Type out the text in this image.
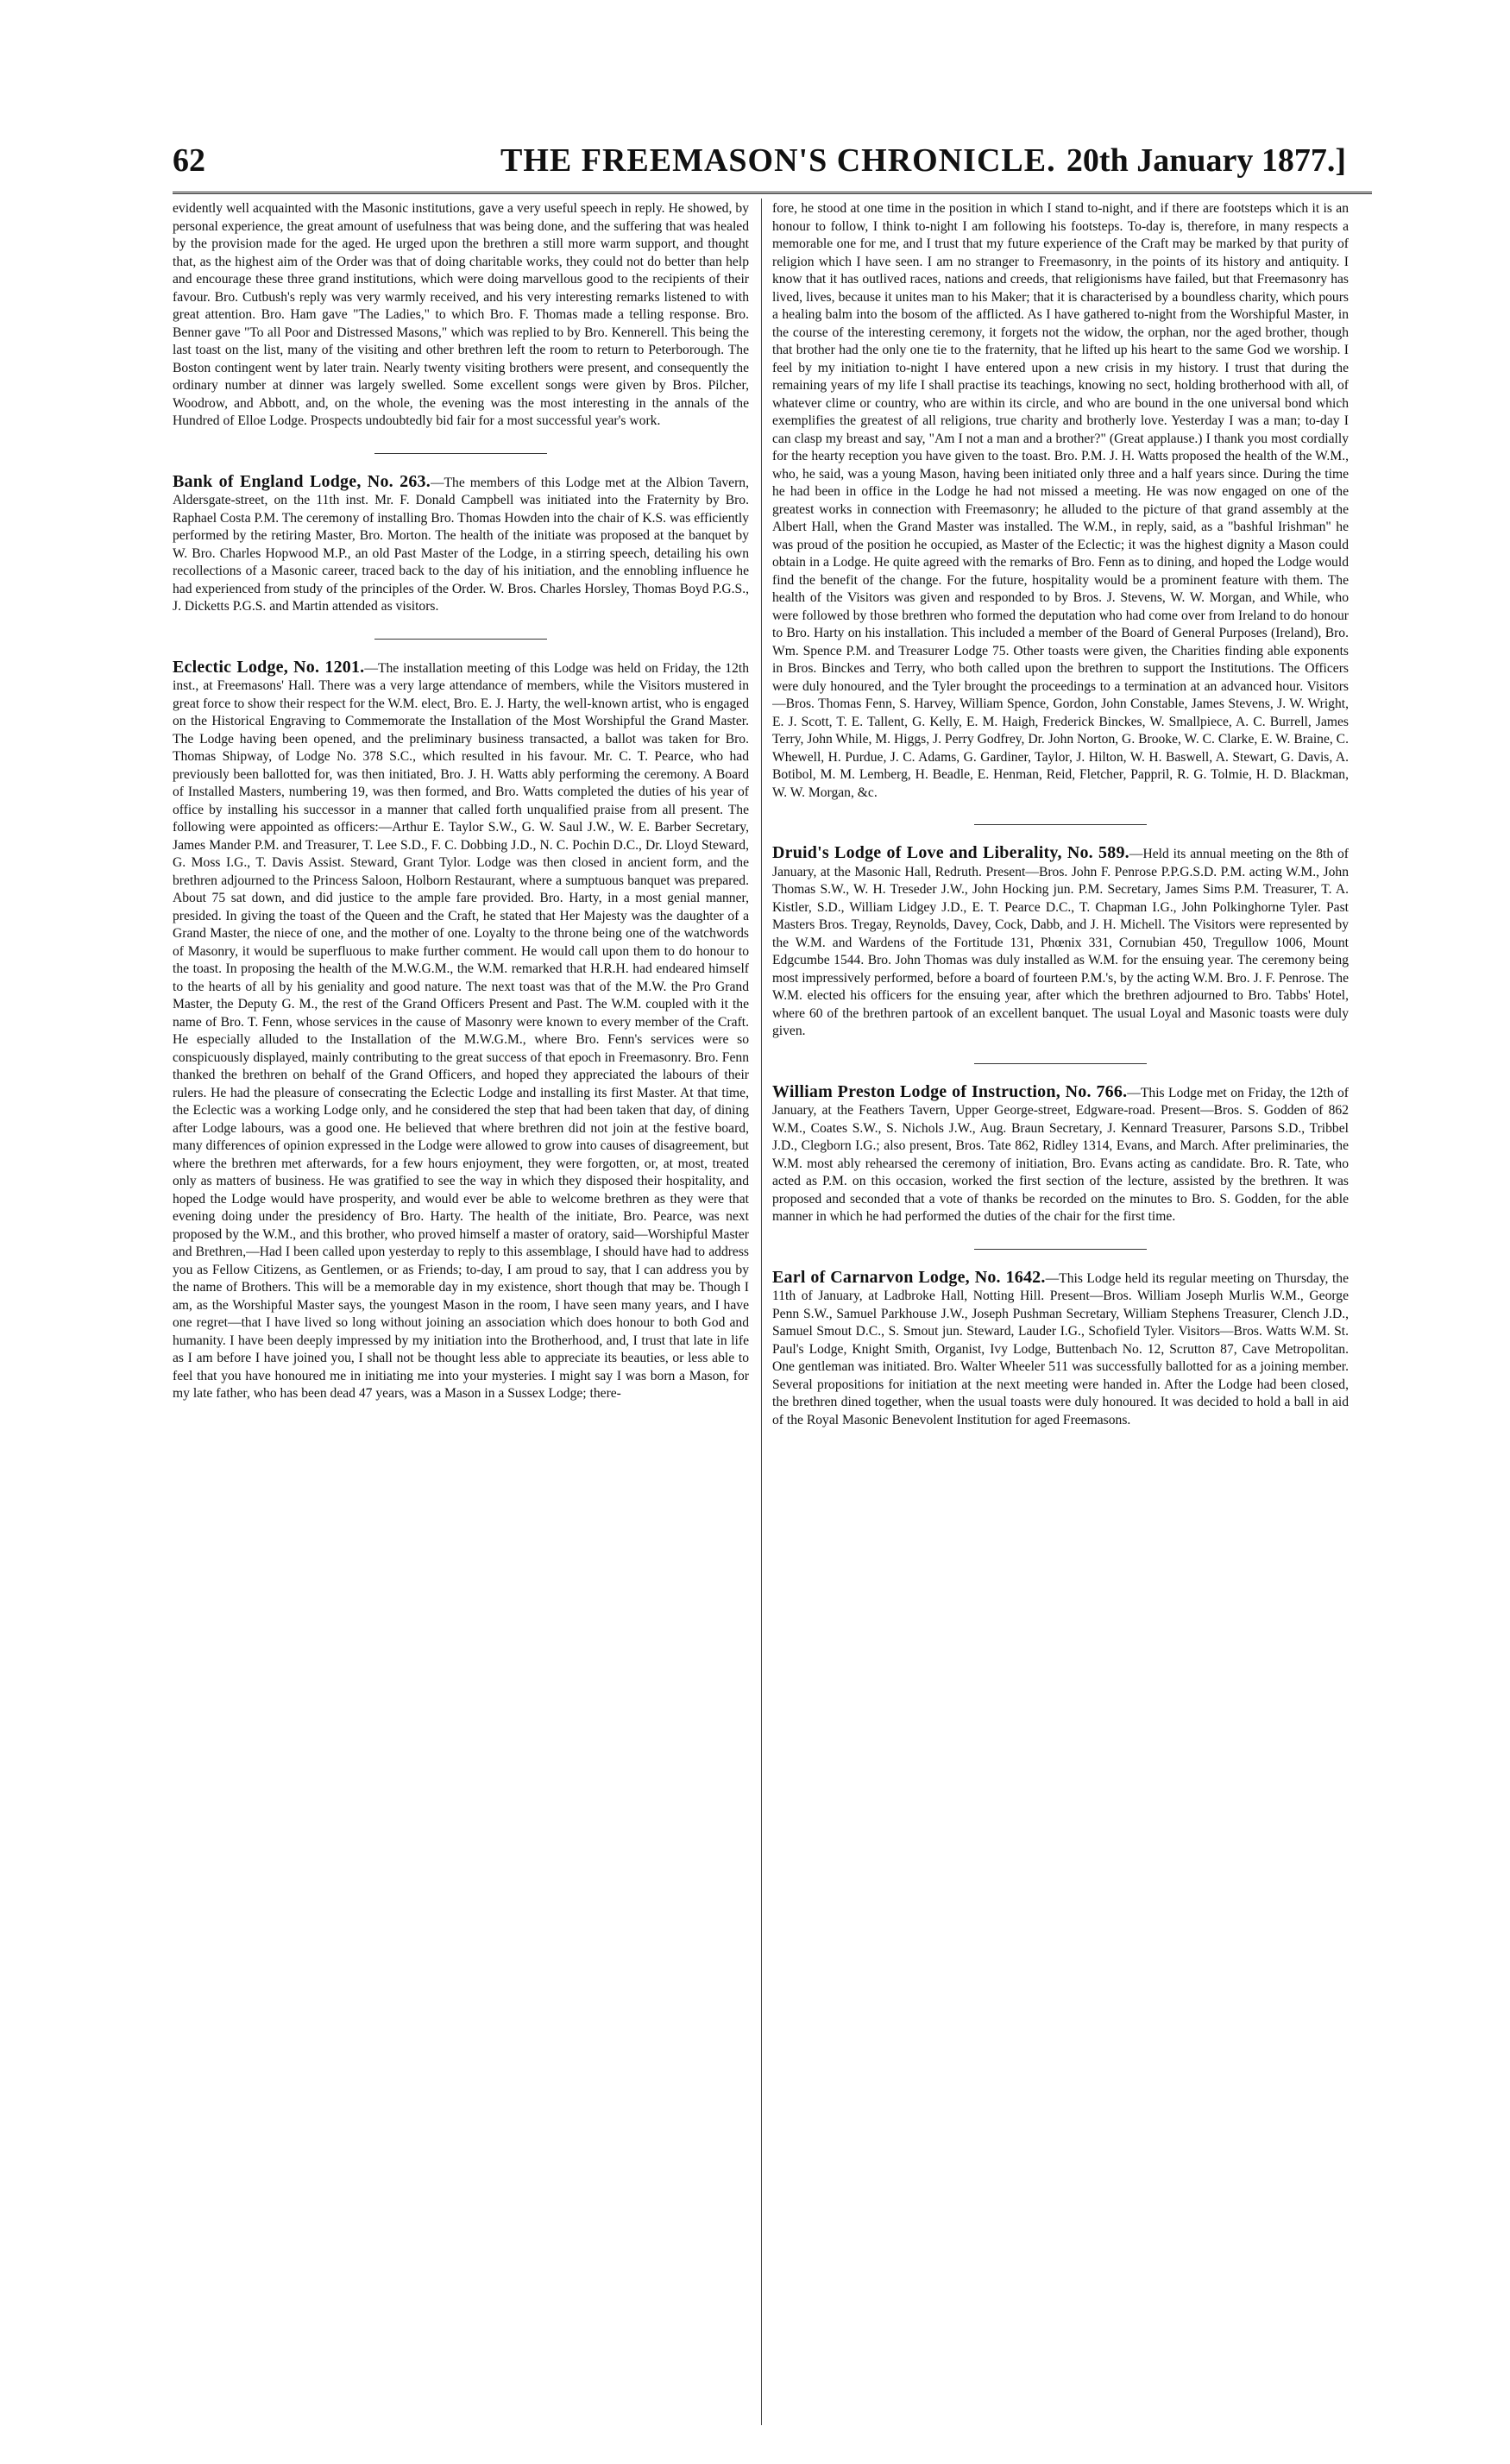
62	THE FREEMASON'S CHRONICLE. 20th January 1877.]

evidently well acquainted with the Masonic institutions, gave a very useful speech in reply. He showed, by personal experience, the great amount of usefulness that was being done, and the suffering that was healed by the provision made for the aged. He urged upon the brethren a still more warm support, and thought that, as the highest aim of the Order was that of doing charitable works, they could not do better than help and encourage these three grand institutions, which were doing marvellous good to the recipients of their favour. Bro. Cutbush's reply was very warmly received, and his very interesting remarks listened to with great attention. Bro. Ham gave "The Ladies," to which Bro. F. Thomas made a telling response. Bro. Benner gave "To all Poor and Distressed Masons," which was replied to by Bro. Kennerell. This being the last toast on the list, many of the visiting and other brethren left the room to return to Peterborough. The Boston contingent went by later train. Nearly twenty visiting brothers were present, and consequently the ordinary number at dinner was largely swelled. Some excellent songs were given by Bros. Pilcher, Woodrow, and Abbott, and, on the whole, the evening was the most interesting in the annals of the Hundred of Elloe Lodge. Prospects undoubtedly bid fair for a most successful year's work.

Bank of England Lodge, No. 263.—The members of this Lodge met at the Albion Tavern, Aldersgate-street, on the 11th inst. Mr. F. Donald Campbell was initiated into the Fraternity by Bro. Raphael Costa P.M. The ceremony of installing Bro. Thomas Howden into the chair of K.S. was efficiently performed by the retiring Master, Bro. Morton. The health of the initiate was proposed at the banquet by W. Bro. Charles Hopwood M.P., an old Past Master of the Lodge, in a stirring speech, detailing his own recollections of a Masonic career, traced back to the day of his initiation, and the ennobling influence he had experienced from study of the principles of the Order. W. Bros. Charles Horsley, Thomas Boyd P.G.S., J. Dicketts P.G.S. and Martin attended as visitors.

Eclectic Lodge, No. 1201.—The installation meeting of this Lodge was held on Friday, the 12th inst., at Freemasons' Hall. There was a very large attendance of members, while the Visitors mustered in great force to show their respect for the W.M. elect, Bro. E. J. Harty, the well-known artist, who is engaged on the Historical Engraving to Commemorate the Installation of the Most Worshipful the Grand Master. The Lodge having been opened, and the preliminary business transacted, a ballot was taken for Bro. Thomas Shipway, of Lodge No. 378 S.C., which resulted in his favour. Mr. C. T. Pearce, who had previously been ballotted for, was then initiated, Bro. J. H. Watts ably performing the ceremony. A Board of Installed Masters, numbering 19, was then formed, and Bro. Watts completed the duties of his year of office by installing his successor in a manner that called forth unqualified praise from all present. The following were appointed as officers:—Arthur E. Taylor S.W., G. W. Saul J.W., W. E. Barber Secretary, James Mander P.M. and Treasurer, T. Lee S.D., F. C. Dobbing J.D., N. C. Pochin D.C., Dr. Lloyd Steward, G. Moss I.G., T. Davis Assist. Steward, Grant Tylor. Lodge was then closed in ancient form, and the brethren adjourned to the Princess Saloon, Holborn Restaurant, where a sumptuous banquet was prepared. About 75 sat down, and did justice to the ample fare provided. Bro. Harty, in a most genial manner, presided. In giving the toast of the Queen and the Craft, he stated that Her Majesty was the daughter of a Grand Master, the niece of one, and the mother of one. Loyalty to the throne being one of the watchwords of Masonry, it would be superfluous to make further comment. He would call upon them to do honour to the toast. In proposing the health of the M.W.G.M., the W.M. remarked that H.R.H. had endeared himself to the hearts of all by his geniality and good nature. The next toast was that of the M.W. the Pro Grand Master, the Deputy G. M., the rest of the Grand Officers Present and Past. The W.M. coupled with it the name of Bro. T. Fenn, whose services in the cause of Masonry were known to every member of the Craft. He especially alluded to the Installation of the M.W.G.M., where Bro. Fenn's services were so conspicuously displayed, mainly contributing to the great success of that epoch in Freemasonry. Bro. Fenn thanked the brethren on behalf of the Grand Officers, and hoped they appreciated the labours of their rulers. He had the pleasure of consecrating the Eclectic Lodge and installing its first Master. At that time, the Eclectic was a working Lodge only, and he considered the step that had been taken that day, of dining after Lodge labours, was a good one. He believed that where brethren did not join at the festive board, many differences of opinion expressed in the Lodge were allowed to grow into causes of disagreement, but where the brethren met afterwards, for a few hours enjoyment, they were forgotten, or, at most, treated only as matters of business. He was gratified to see the way in which they disposed their hospitality, and hoped the Lodge would have prosperity, and would ever be able to welcome brethren as they were that evening doing under the presidency of Bro. Harty. The health of the initiate, Bro. Pearce, was next proposed by the W.M., and this brother, who proved himself a master of oratory, said—Worshipful Master and Brethren,—Had I been called upon yesterday to reply to this assemblage, I should have had to address you as Fellow Citizens, as Gentlemen, or as Friends; to-day, I am proud to say, that I can address you by the name of Brothers. This will be a memorable day in my existence, short though that may be. Though I am, as the Worshipful Master says, the youngest Mason in the room, I have seen many years, and I have one regret—that I have lived so long without joining an association which does honour to both God and humanity. I have been deeply impressed by my initiation into the Brotherhood, and, I trust that late in life as I am before I have joined you, I shall not be thought less able to appreciate its beauties, or less able to feel that you have honoured me in initiating me into your mysteries. I might say I was born a Mason, for my late father, who has been dead 47 years, was a Mason in a Sussex Lodge; there-

fore, he stood at one time in the position in which I stand to-night, and if there are footsteps which it is an honour to follow, I think to-night I am following his footsteps. To-day is, therefore, in many respects a memorable one for me, and I trust that my future experience of the Craft may be marked by that purity of religion which I have seen. I am no stranger to Freemasonry, in the points of its history and antiquity. I know that it has outlived races, nations and creeds, that religionisms have failed, but that Freemasonry has lived, lives, because it unites man to his Maker; that it is characterised by a boundless charity, which pours a healing balm into the bosom of the afflicted. As I have gathered to-night from the Worshipful Master, in the course of the interesting ceremony, it forgets not the widow, the orphan, nor the aged brother, though that brother had the only one tie to the fraternity, that he lifted up his heart to the same God we worship. I feel by my initiation to-night I have entered upon a new crisis in my history. I trust that during the remaining years of my life I shall practise its teachings, knowing no sect, holding brotherhood with all, of whatever clime or country, who are within its circle, and who are bound in the one universal bond which exemplifies the greatest of all religions, true charity and brotherly love. Yesterday I was a man; to-day I can clasp my breast and say, "Am I not a man and a brother?" (Great applause.) I thank you most cordially for the hearty reception you have given to the toast. Bro. P.M. J. H. Watts proposed the health of the W.M., who, he said, was a young Mason, having been initiated only three and a half years since. During the time he had been in office in the Lodge he had not missed a meeting. He was now engaged on one of the greatest works in connection with Freemasonry; he alluded to the picture of that grand assembly at the Albert Hall, when the Grand Master was installed. The W.M., in reply, said, as a "bashful Irishman" he was proud of the position he occupied, as Master of the Eclectic; it was the highest dignity a Mason could obtain in a Lodge. He quite agreed with the remarks of Bro. Fenn as to dining, and hoped the Lodge would find the benefit of the change. For the future, hospitality would be a prominent feature with them. The health of the Visitors was given and responded to by Bros. J. Stevens, W. W. Morgan, and While, who were followed by those brethren who formed the deputation who had come over from Ireland to do honour to Bro. Harty on his installation. This included a member of the Board of General Purposes (Ireland), Bro. Wm. Spence P.M. and Treasurer Lodge 75. Other toasts were given, the Charities finding able exponents in Bros. Binckes and Terry, who both called upon the brethren to support the Institutions. The Officers were duly honoured, and the Tyler brought the proceedings to a termination at an advanced hour. Visitors—Bros. Thomas Fenn, S. Harvey, William Spence, Gordon, John Constable, James Stevens, J. W. Wright, E. J. Scott, T. E. Tallent, G. Kelly, E. M. Haigh, Frederick Binckes, W. Smallpiece, A. C. Burrell, James Terry, John While, M. Higgs, J. Perry Godfrey, Dr. John Norton, G. Brooke, W. C. Clarke, E. W. Braine, C. Whewell, H. Purdue, J. C. Adams, G. Gardiner, Taylor, J. Hilton, W. H. Baswell, A. Stewart, G. Davis, A. Botibol, M. M. Lemberg, H. Beadle, E. Henman, Reid, Fletcher, Pappril, R. G. Tolmie, H. D. Blackman, W. W. Morgan, &c.

Druid's Lodge of Love and Liberality, No. 589.—Held its annual meeting on the 8th of January, at the Masonic Hall, Redruth. Present—Bros. John F. Penrose P.P.G.S.D. P.M. acting W.M., John Thomas S.W., W. H. Treseder J.W., John Hocking jun. P.M. Secretary, James Sims P.M. Treasurer, T. A. Kistler, S.D., William Lidgey J.D., E. T. Pearce D.C., T. Chapman I.G., John Polkinghorne Tyler. Past Masters Bros. Tregay, Reynolds, Davey, Cock, Dabb, and J. H. Michell. The Visitors were represented by the W.M. and Wardens of the Fortitude 131, Phœnix 331, Cornubian 450, Tregullow 1006, Mount Edgcumbe 1544. Bro. John Thomas was duly installed as W.M. for the ensuing year. The ceremony being most impressively performed, before a board of fourteen P.M.'s, by the acting W.M. Bro. J. F. Penrose. The W.M. elected his officers for the ensuing year, after which the brethren adjourned to Bro. Tabbs' Hotel, where 60 of the brethren partook of an excellent banquet. The usual Loyal and Masonic toasts were duly given.

William Preston Lodge of Instruction, No. 766.—This Lodge met on Friday, the 12th of January, at the Feathers Tavern, Upper George-street, Edgware-road. Present—Bros. S. Godden of 862 W.M., Coates S.W., S. Nichols J.W., Aug. Braun Secretary, J. Kennard Treasurer, Parsons S.D., Tribbel J.D., Clegborn I.G.; also present, Bros. Tate 862, Ridley 1314, Evans, and March. After preliminaries, the W.M. most ably rehearsed the ceremony of initiation, Bro. Evans acting as candidate. Bro. R. Tate, who acted as P.M. on this occasion, worked the first section of the lecture, assisted by the brethren. It was proposed and seconded that a vote of thanks be recorded on the minutes to Bro. S. Godden, for the able manner in which he had performed the duties of the chair for the first time.

Earl of Carnarvon Lodge, No. 1642.—This Lodge held its regular meeting on Thursday, the 11th of January, at Ladbroke Hall, Notting Hill. Present—Bros. William Joseph Murlis W.M., George Penn S.W., Samuel Parkhouse J.W., Joseph Pushman Secretary, William Stephens Treasurer, Clench J.D., Samuel Smout D.C., S. Smout jun. Steward, Lauder I.G., Schofield Tyler. Visitors—Bros. Watts W.M. St. Paul's Lodge, Knight Smith, Organist, Ivy Lodge, Buttenbach No. 12, Scrutton 87, Cave Metropolitan. One gentleman was initiated. Bro. Walter Wheeler 511 was successfully ballotted for as a joining member. Several propositions for initiation at the next meeting were handed in. After the Lodge had been closed, the brethren dined together, when the usual toasts were duly honoured. It was decided to hold a ball in aid of the Royal Masonic Benevolent Institution for aged Freemasons.
